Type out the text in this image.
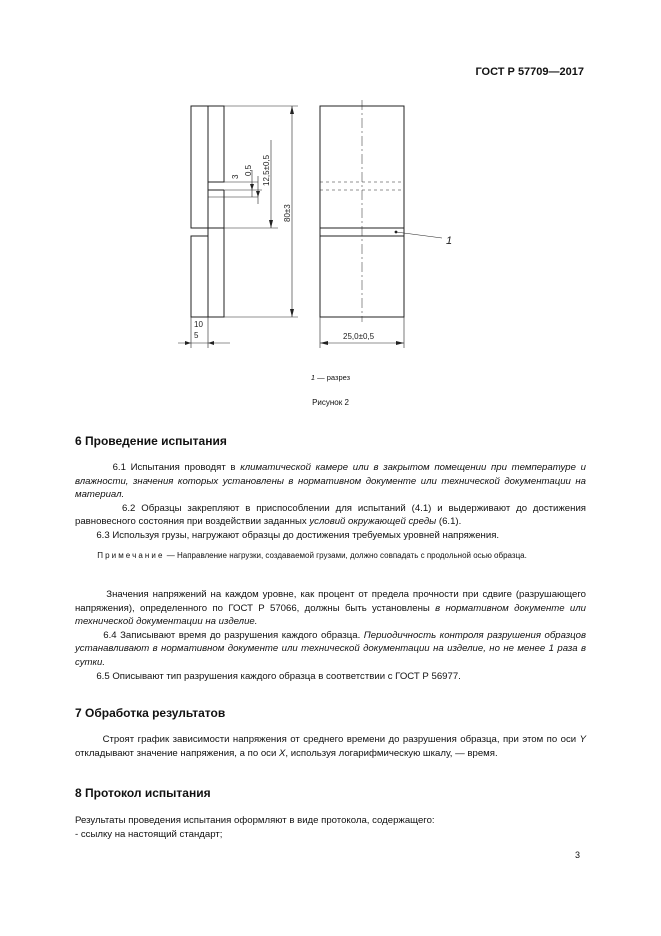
ГОСТ Р 57709—2017
3
0,5 12,5±0,5
80±3
10
5	25,0±0,5
1
1 — разрез
Рисунок 2
6 Проведение испытания

6.1 Испытания проводят в климатической камере или в закрытом помещении при температуре и влажности, значения которых установлены в нормативном документе или технической документации на материал.

6.2 Образцы закрепляют в приспособлении для испытаний (4.1) и выдерживают до достижения равновесного состояния при воздействии заданных условий окружающей среды (6.1).

6.3 Используя грузы, нагружают образцы до достижения требуемых уровней напряжения.

Примечание — Направление нагрузки, создаваемой грузами, должно совпадать с продольной осью образца.

Значения напряжений на каждом уровне, как процент от предела прочности при сдвиге (разрушающего напряжения), определенного по ГОСТ Р 57066, должны быть установлены в нормативном документе или технической документации на изделие.

6.4 Записывают время до разрушения каждого образца. Периодичность контроля разрушения образцов устанавливают в нормативном документе или технической документации на изделие, но не менее 1 раза в сутки.

6.5 Описывают тип разрушения каждого образца в соответствии с ГОСТ Р 56977.

7 Обработка результатов

Строят график зависимости напряжения от среднего времени до разрушения образца, при этом по оси Y откладывают значение напряжения, а по оси X, используя логарифмическую шкалу, — время.

8 Протокол испытания

Результаты проведения испытания оформляют в виде протокола, содержащего:

- ссылку на настоящий стандарт;

3
